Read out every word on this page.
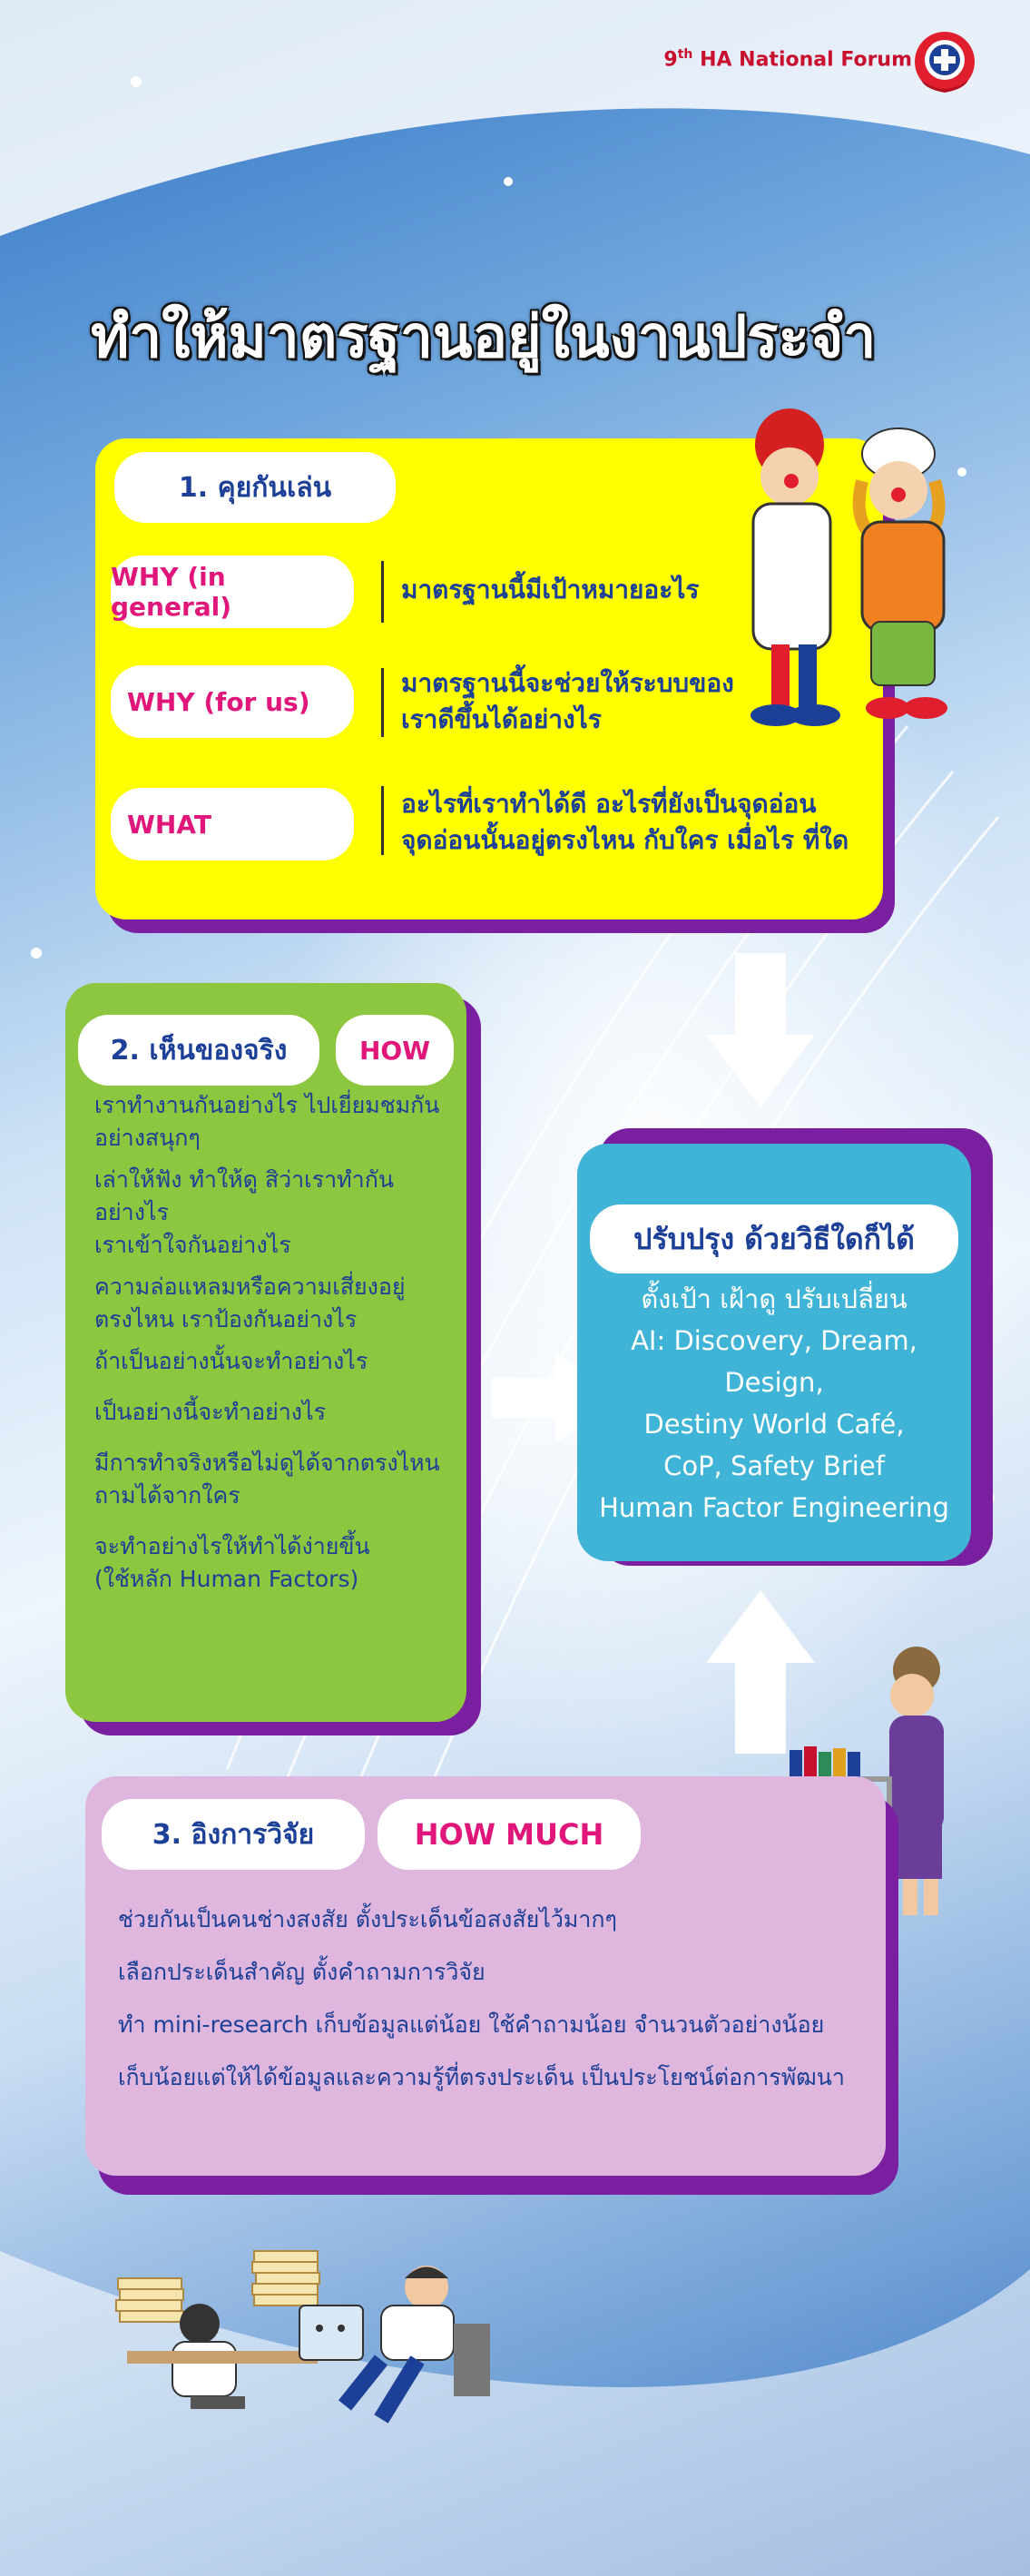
9th HA National Forum
ทำให้มาตรฐานอยู่ในงานประจำ
1. คุยกันเล่น
WHY (in general)
มาตรฐานนี้มีเป้าหมายอะไร
WHY (for us)
มาตรฐานนี้จะช่วยให้ระบบของ
เราดีขึ้นได้อย่างไร
WHAT
อะไรที่เราทำได้ดี อะไรที่ยังเป็นจุดอ่อน
จุดอ่อนนั้นอยู่ตรงไหน กับใคร เมื่อไร ที่ใด
2. เห็นของจริง	HOW
เราทำงานกันอย่างไร ไปเยี่ยมชมกัน
อย่างสนุกๆ
เล่าให้ฟัง ทำให้ดู สิว่าเราทำกันอย่างไร
เราเข้าใจกันอย่างไร
ความล่อแหลมหรือความเสี่ยงอยู่
ตรงไหน เราป้องกันอย่างไร
ถ้าเป็นอย่างนั้นจะทำอย่างไร
เป็นอย่างนี้จะทำอย่างไร
มีการทำจริงหรือไม่ดูได้จากตรงไหน
ถามได้จากใคร
จะทำอย่างไรให้ทำได้ง่ายขึ้น
(ใช้หลัก Human Factors)
ปรับปรุง ด้วยวิธีใดก็ได้
ตั้งเป้า เฝ้าดู ปรับเปลี่ยน
AI: Discovery, Dream, Design,
Destiny World Café,
CoP, Safety Brief
Human Factor Engineering
3. อิงการวิจัย	HOW MUCH
ช่วยกันเป็นคนช่างสงสัย ตั้งประเด็นข้อสงสัยไว้มากๆ
เลือกประเด็นสำคัญ ตั้งคำถามการวิจัย
ทำ mini-research เก็บข้อมูลแต่น้อย ใช้คำถามน้อย จำนวนตัวอย่างน้อย
เก็บน้อยแต่ให้ได้ข้อมูลและความรู้ที่ตรงประเด็น เป็นประโยชน์ต่อการพัฒนา
